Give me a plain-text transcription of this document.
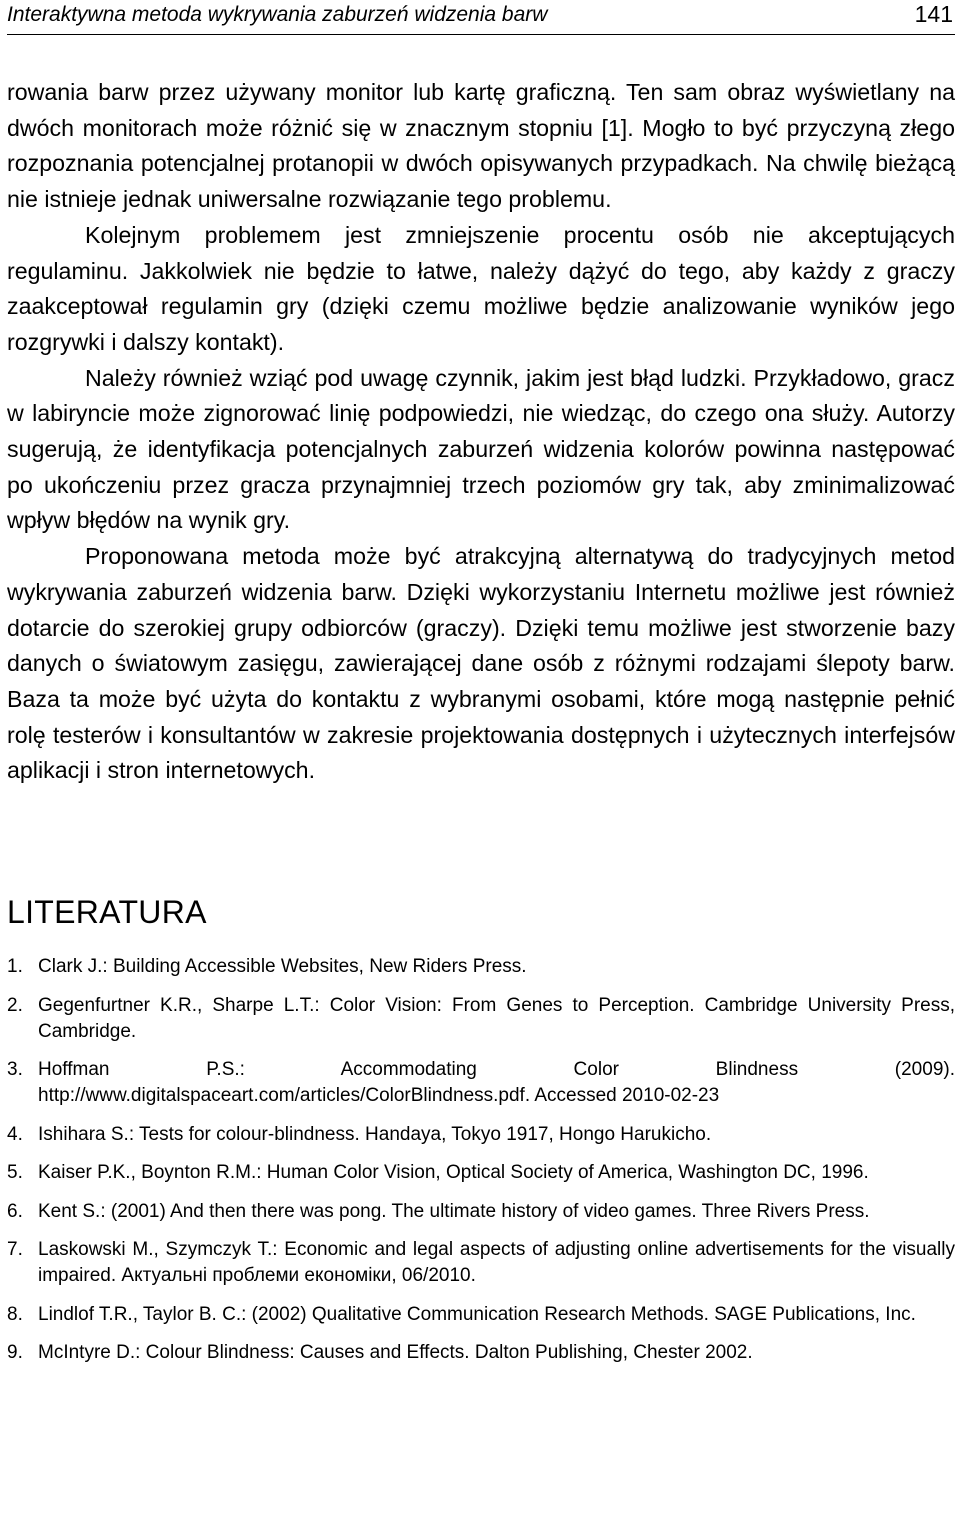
Interaktywna metoda wykrywania zaburzeń widzenia barw	141

rowania barw przez używany monitor lub kartę graficzną. Ten sam obraz wyświetlany na dwóch monitorach może różnić się w znacznym stopniu [1]. Mogło to być przyczyną złego rozpoznania potencjalnej protanopii w dwóch opisywanych przypadkach. Na chwilę bieżącą nie istnieje jednak uniwersalne rozwiązanie tego problemu.

Kolejnym problemem jest zmniejszenie procentu osób nie akceptujących regulaminu. Jakkolwiek nie będzie to łatwe, należy dążyć do tego, aby każdy z graczy zaakceptował regulamin gry (dzięki czemu możliwe będzie analizowanie wyników jego rozgrywki i dalszy kontakt).

Należy również wziąć pod uwagę czynnik, jakim jest błąd ludzki. Przykładowo, gracz w labiryncie może zignorować linię podpowiedzi, nie wiedząc, do czego ona służy. Autorzy sugerują, że identyfikacja potencjalnych zaburzeń widzenia kolorów powinna następować po ukończeniu przez gracza przynajmniej trzech poziomów gry tak, aby zminimalizować wpływ błędów na wynik gry.

Proponowana metoda może być atrakcyjną alternatywą do tradycyjnych metod wykrywania zaburzeń widzenia barw. Dzięki wykorzystaniu Internetu możliwe jest również dotarcie do szerokiej grupy odbiorców (graczy). Dzięki temu możliwe jest stworzenie bazy danych o światowym zasięgu, zawierającej dane osób z różnymi rodzajami ślepoty barw. Baza ta może być użyta do kontaktu z wybranymi osobami, które mogą następnie pełnić rolę testerów i konsultantów w zakresie projektowania dostępnych i użytecznych interfejsów aplikacji i stron internetowych.

LITERATURA
1. Clark J.: Building Accessible Websites, New Riders Press.
2. Gegenfurtner K.R., Sharpe L.T.: Color Vision: From Genes to Perception. Cambridge University Press, Cambridge.
3. Hoffman P.S.: Accommodating Color Blindness (2009). http://www.digitalspaceart.com/articles/ColorBlindness.pdf. Accessed 2010-02-23
4. Ishihara S.: Tests for colour-blindness. Handaya, Tokyo 1917, Hongo Harukicho.
5. Kaiser P.K., Boynton R.M.: Human Color Vision, Optical Society of America, Washington DC, 1996.
6. Kent S.: (2001) And then there was pong. The ultimate history of video games. Three Rivers Press.
7. Laskowski M., Szymczyk T.: Economic and legal aspects of adjusting online advertisements for the visually impaired. Актуальні проблеми економіки, 06/2010.
8. Lindlof T.R., Taylor B. C.: (2002) Qualitative Communication Research Methods. SAGE Publications, Inc.
9. McIntyre D.: Colour Blindness: Causes and Effects. Dalton Publishing, Chester 2002.
